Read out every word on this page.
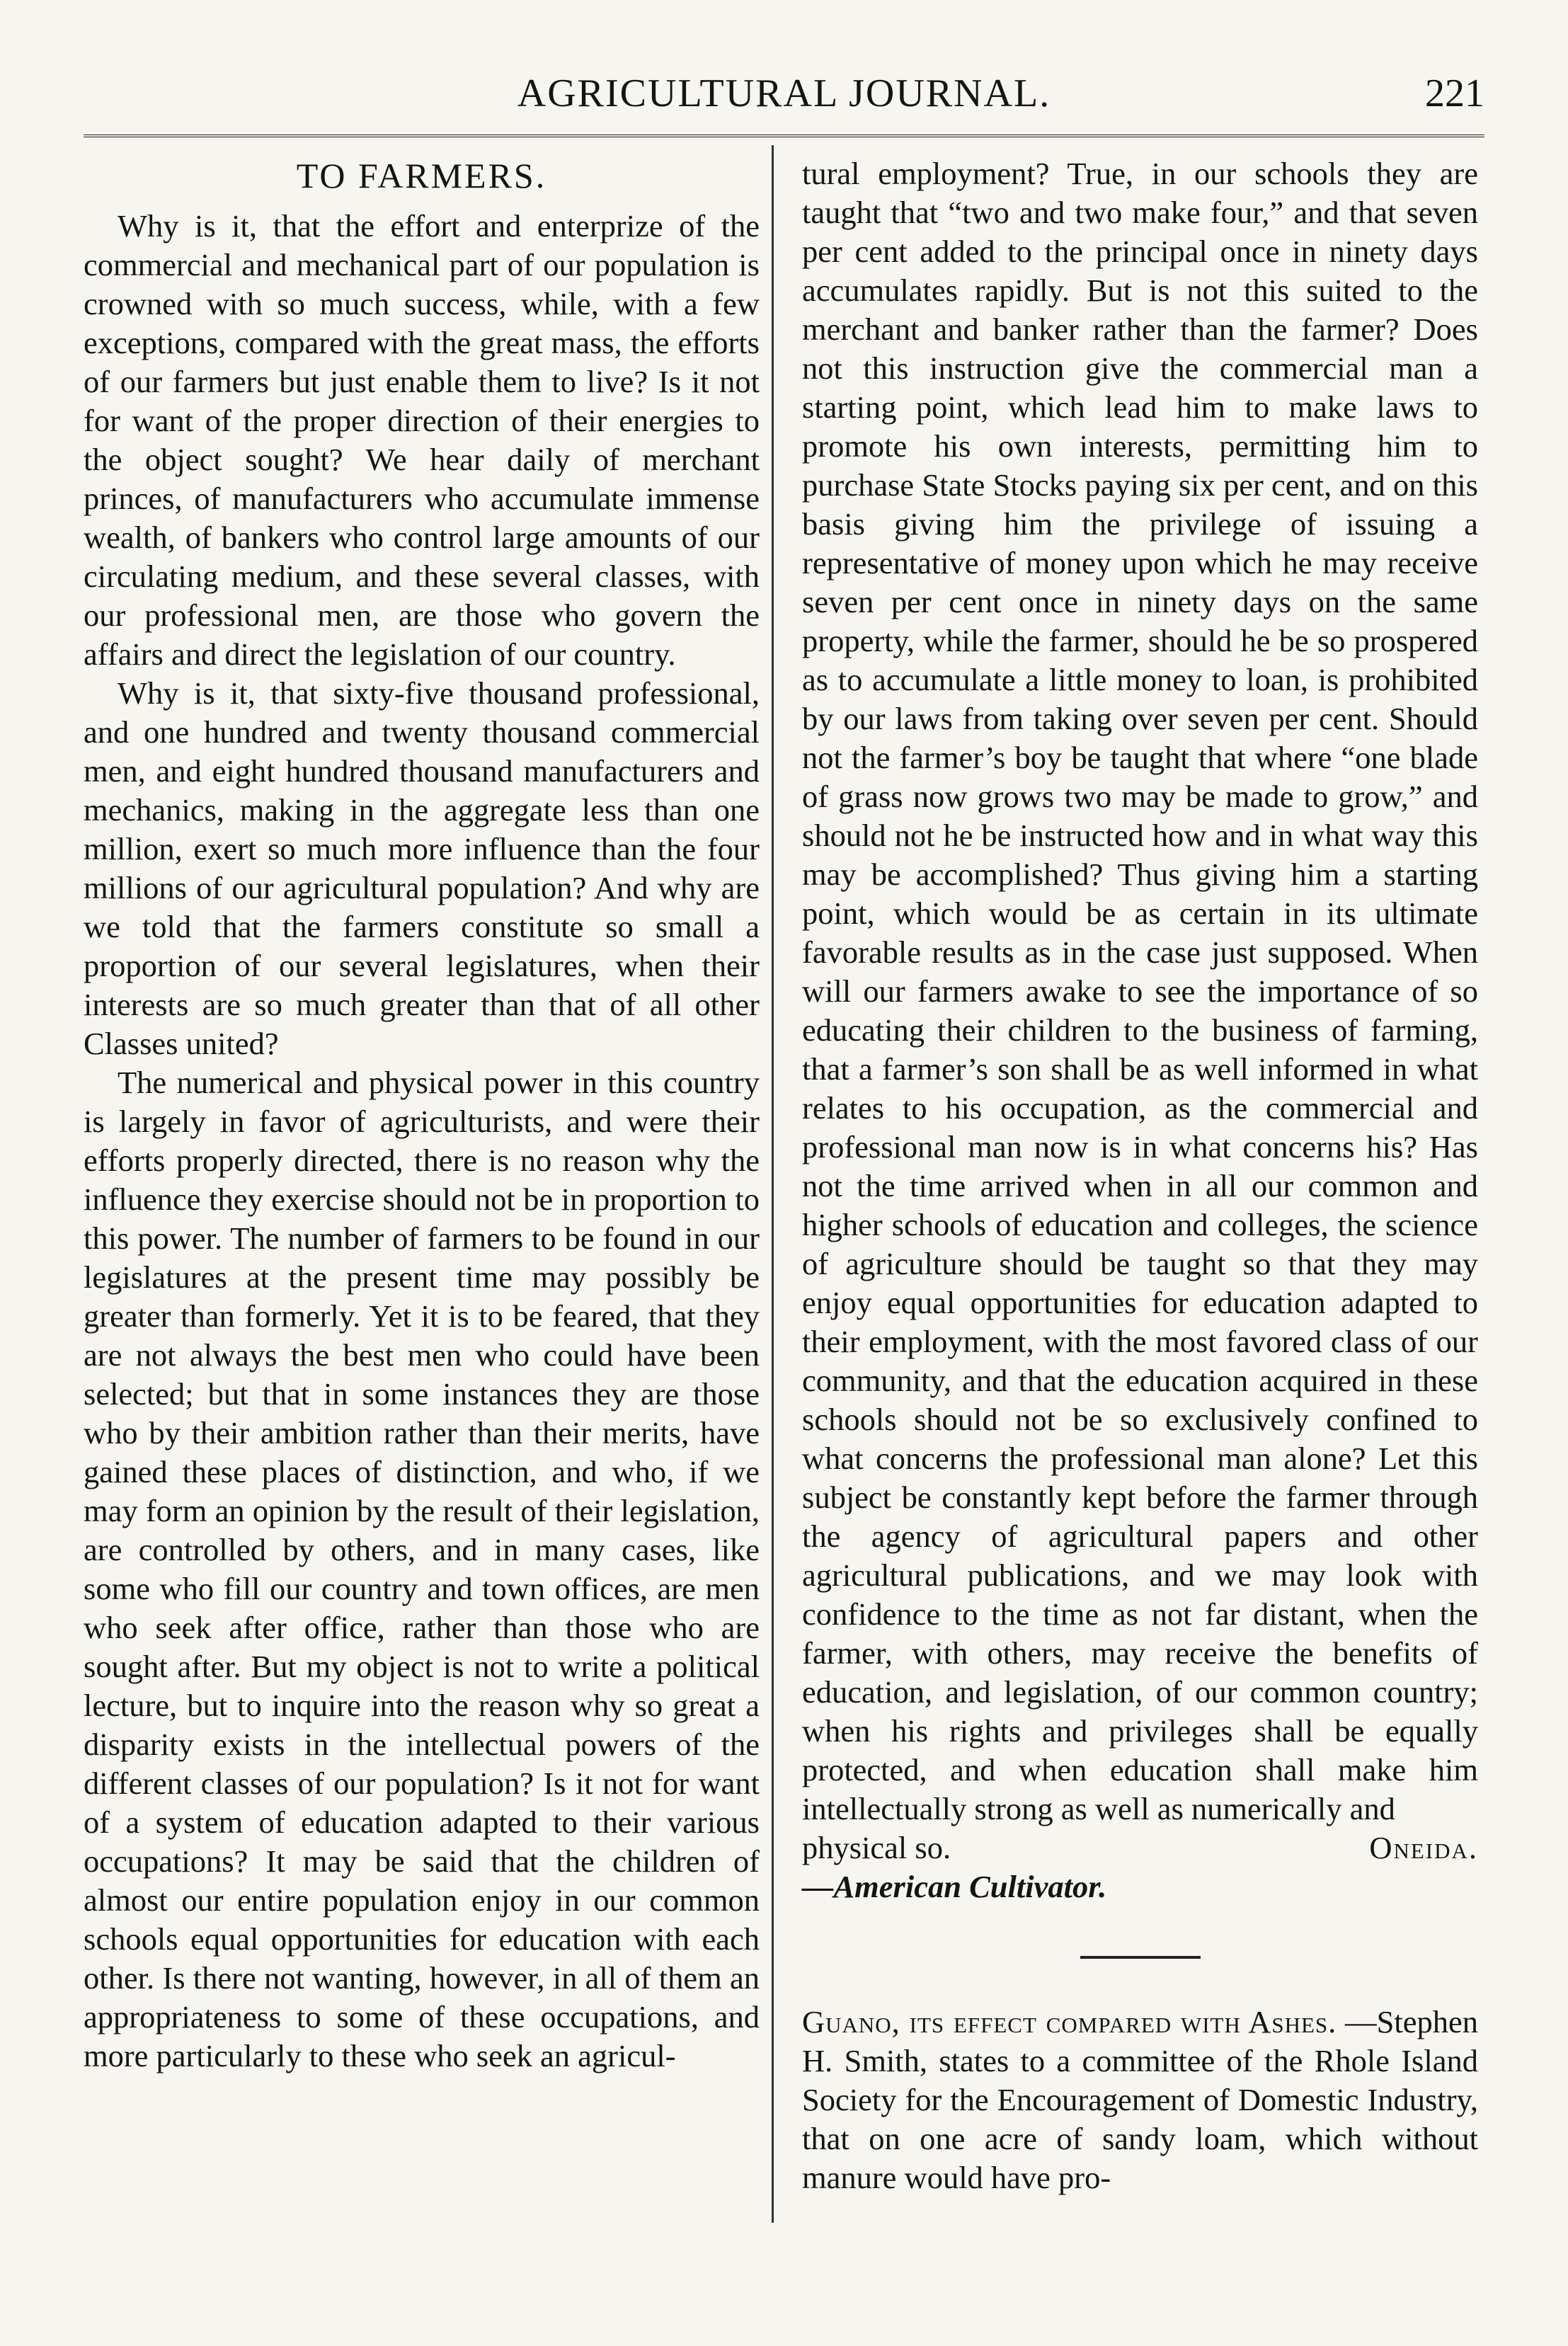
AGRICULTURAL JOURNAL.	221
TO FARMERS.

Why is it, that the effort and enterprize of the commercial and mechanical part of our population is crowned with so much success, while, with a few exceptions, compared with the great mass, the efforts of our farmers but just enable them to live? Is it not for want of the proper direction of their energies to the object sought? We hear daily of merchant princes, of manufacturers who accumulate immense wealth, of bankers who control large amounts of our circulating medium, and these several classes, with our professional men, are those who govern the affairs and direct the legislation of our country.

Why is it, that sixty-five thousand professional, and one hundred and twenty thousand commercial men, and eight hundred thousand manufacturers and mechanics, making in the aggregate less than one million, exert so much more influence than the four millions of our agricultural population? And why are we told that the farmers constitute so small a proportion of our several legislatures, when their interests are so much greater than that of all other Classes united?

The numerical and physical power in this country is largely in favor of agriculturists, and were their efforts properly directed, there is no reason why the influence they exercise should not be in proportion to this power. The number of farmers to be found in our legislatures at the present time may possibly be greater than formerly. Yet it is to be feared, that they are not always the best men who could have been selected; but that in some instances they are those who by their ambition rather than their merits, have gained these places of distinction, and who, if we may form an opinion by the result of their legislation, are controlled by others, and in many cases, like some who fill our country and town offices, are men who seek after office, rather than those who are sought after. But my object is not to write a political lecture, but to inquire into the reason why so great a disparity exists in the intellectual powers of the different classes of our population? Is it not for want of a system of education adapted to their various occupations? It may be said that the children of almost our entire population enjoy in our common schools equal opportunities for education with each other. Is there not wanting, however, in all of them an appropriateness to some of these occupations, and more particularly to these who seek an agricul-

tural employment? True, in our schools they are taught that “two and two make four,” and that seven per cent added to the principal once in ninety days accumulates rapidly. But is not this suited to the merchant and banker rather than the farmer? Does not this instruction give the commercial man a starting point, which lead him to make laws to promote his own interests, permitting him to purchase State Stocks paying six per cent, and on this basis giving him the privilege of issuing a representative of money upon which he may receive seven per cent once in ninety days on the same property, while the farmer, should he be so prospered as to accumulate a little money to loan, is prohibited by our laws from taking over seven per cent. Should not the farmer’s boy be taught that where “one blade of grass now grows two may be made to grow,” and should not he be instructed how and in what way this may be accomplished? Thus giving him a starting point, which would be as certain in its ultimate favorable results as in the case just supposed. When will our farmers awake to see the importance of so educating their children to the business of farming, that a farmer’s son shall be as well informed in what relates to his occupation, as the commercial and professional man now is in what concerns his? Has not the time arrived when in all our common and higher schools of education and colleges, the science of agriculture should be taught so that they may enjoy equal opportunities for education adapted to their employment, with the most favored class of our community, and that the education acquired in these schools should not be so exclusively confined to what concerns the professional man alone? Let this subject be constantly kept before the farmer through the agency of agricultural papers and other agricultural publications, and we may look with confidence to the time as not far distant, when the farmer, with others, may receive the benefits of education, and legislation, of our common country; when his rights and privileges shall be equally protected, and when education shall make him intellectually strong as well as numerically and

physical so.	Oneida.

—American Cultivator.

Guano, its effect compared with Ashes. —Stephen H. Smith, states to a committee of the Rhole Island Society for the Encouragement of Domestic Industry, that on one acre of sandy loam, which without manure would have pro-
